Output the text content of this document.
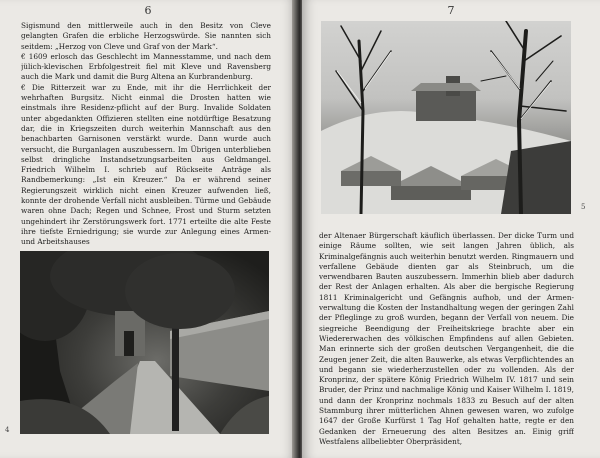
6

Sigismund den mittlerweile auch in den Besitz von Cleve gelangten Grafen die erbliche Herzogswürde. Sie nannten sich seitdem: „Herzog von Cleve und Graf von der Mark“.

€ 1609 erlosch das Geschlecht im Mannesstamme, und nach dem jülich-klevischen Erbfolgestreit fiel mit Kleve und Ravensberg auch die Mark und damit die Burg Altena an Kurbrandenburg.

€ Die Ritterzeit war zu Ende, mit ihr die Herrlichkeit der wehrhaften Burgsitz. Nicht einmal die Drosten hatten wie einstmals ihre Residenz-pflicht auf der Burg. Invalide Soldaten unter abgedankten Offizieren stellten eine notdürftige Besatzung dar, die in Kriegszeiten durch weiterhin Mannschaft aus den benachbarten Garnisonen verstärkt wurde. Dann wurde auch versucht, die Burganlagen auszubessern. Im Übrigen unterblieben selbst dringliche Instandsetzungsarbeiten aus Geldmangel. Friedrich Wilhelm I. schrieb auf Rückseite Anträge als Randbemerkung: „Ist ein Kreuzer.“ Da er während seiner Regierungszeit wirklich nicht einen Kreuzer aufwenden ließ, konnte der drohende Verfall nicht ausbleiben. Türme und Gebäude waren ohne Dach; Regen und Schnee, Frost und Sturm setzten ungehindert ihr Zerstörungswerk fort. 1771 erteilte die alte Feste ihre tiefste Erniedrigung; sie wurde zur Anlegung eines Armen- und Arbeitshauses

4
7

der Altenaer Bürgerschaft käuflich überlassen. Der dicke Turm und einige Räume sollten, wie seit langen Jahren üblich, als Kriminalgefängnis auch weiterhin benutzt werden. Ringmauern und verfallene Gebäude dienten gar als Steinbruch, um die verwendbaren Bauten auszubessern. Immerhin blieb aber dadurch der Rest der Anlagen erhalten. Als aber die bergische Regierung 1811 Kriminalgericht und Gefängnis aufhob, und der Armen-verwaltung die Kosten der Instandhaltung wegen der geringen Zahl der Pfleglinge zu groß wurden, begann der Verfall von neuem. Die siegreiche Beendigung der Freiheitskriege brachte aber ein Wiedererwachen des völkischen Empfindens auf allen Gebieten. Man erinnerte sich der großen deutschen Vergangenheit, die die Zeugen jener Zeit, die alten Bauwerke, als etwas Verpflichtendes an und begann sie wiederherzustellen oder zu vollenden. Als der Kronprinz, der spätere König Friedrich Wilhelm IV. 1817 und sein Bruder, der Prinz und nachmalige König und Kaiser Wilhelm I. 1819, und dann der Kronprinz nochmals 1833 zu Besuch auf der alten Stammburg ihrer mütterlichen Ahnen gewesen waren, wo zufolge 1647 der Große Kurfürst 1 Tag Hof gehalten hatte, regte er den Gedanken der Erneuerung des alten Besitzes an. Einig griff Westfalens allbeliebter Oberpräsident,

5
